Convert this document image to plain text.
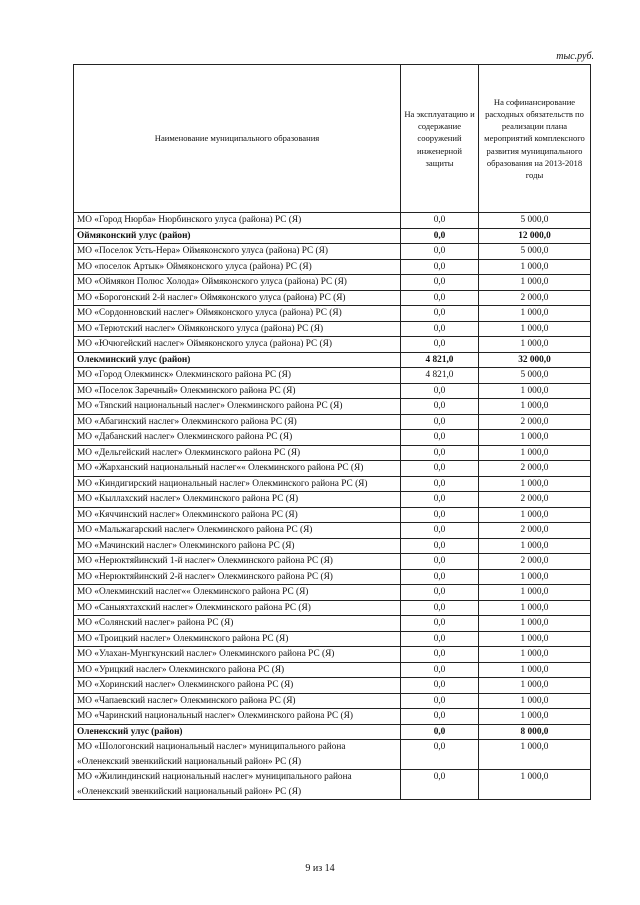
тыс.руб.
Наименование муниципального образования	На эксплуатацию и содержание сооружений инженерной защиты	На софинансирование расходных обязательств по реализации плана мероприятий комплексного развития муниципального образования на 2013-2018 годы
МО «Город Нюрба» Нюрбинского улуса (района) РС (Я)	0,0	5 000,0
Оймяконский улус (район)	0,0	12 000,0
МО «Поселок Усть-Нера» Оймяконского улуса (района) РС (Я)	0,0	5 000,0
МО «поселок Артык» Оймяконского улуса (района) РС (Я)	0,0	1 000,0
МО «Оймякон Полюс Холода» Оймяконского улуса (района) РС (Я)	0,0	1 000,0
МО «Борогонский 2-й наслег» Оймяконского улуса (района) РС (Я)	0,0	2 000,0
МО «Сордонновский наслег» Оймяконского улуса (района) РС (Я)	0,0	1 000,0
МО «Терютский наслег» Оймяконского улуса (района) РС (Я)	0,0	1 000,0
МО «Ючюгейский наслег» Оймяконского улуса (района) РС (Я)	0,0	1 000,0
Олекминский улус (район)	4 821,0	32 000,0
МО «Город Олекминск» Олекминского района РС (Я)	4 821,0	5 000,0
МО «Поселок Заречный» Олекминского района РС (Я)	0,0	1 000,0
МО «Тяnский национальный наслег» Олекминского района РС (Я)	0,0	1 000,0
МО «Абагинский наслег» Олекминского района РС (Я)	0,0	2 000,0
МО «Дабанский наслег» Олекминского района РС (Я)	0,0	1 000,0
МО «Дельгейский наслег» Олекминского района РС (Я)	0,0	1 000,0
МО «Жарханский национальный наслег«« Олекминского района РС (Я)	0,0	2 000,0
МО «Киндигирский национальный наслег» Олекминского района РС (Я)	0,0	1 000,0
МО «Кыллахский наслег» Олекминского района РС (Я)	0,0	2 000,0
МО «Кяччинский наслег» Олекминского района РС (Я)	0,0	1 000,0
МО «Мальжагарский наслег» Олекминского района РС (Я)	0,0	2 000,0
МО «Мачинский наслег» Олекминского района РС (Я)	0,0	1 000,0
МО «Нерюктяйинский 1-й наслег» Олекминского района РС (Я)	0,0	2 000,0
МО «Нерюктяйинский 2-й наслег» Олекминского района РС (Я)	0,0	1 000,0
МО «Олекминский наслег«« Олекминского района РС (Я)	0,0	1 000,0
МО «Саныяхтахский наслег» Олекминского района РС (Я)	0,0	1 000,0
МО «Солянский наслег» района РС (Я)	0,0	1 000,0
МО «Троицкий наслег» Олекминского района РС (Я)	0,0	1 000,0
МО «Улахан-Мунгкунский наслег» Олекминского района РС (Я)	0,0	1 000,0
МО «Урицкий наслег» Олекминского района РС (Я)	0,0	1 000,0
МО «Хоринский наслег» Олекминского района РС (Я)	0,0	1 000,0
МО «Чапаевский наслег» Олекминского района РС (Я)	0,0	1 000,0
МО «Чаринский национальный наслег» Олекминского района РС (Я)	0,0	1 000,0
Оленекский улус (район)	0,0	8 000,0
МО «Шологонский национальный наслег» муниципального района «Оленекский эвенкийский национальный район» РС (Я)	0,0	1 000,0
МО «Жилиндинский национальный наслег» муниципального района «Оленекский эвенкийский национальный район» РС (Я)	0,0	1 000,0
9 из 14
